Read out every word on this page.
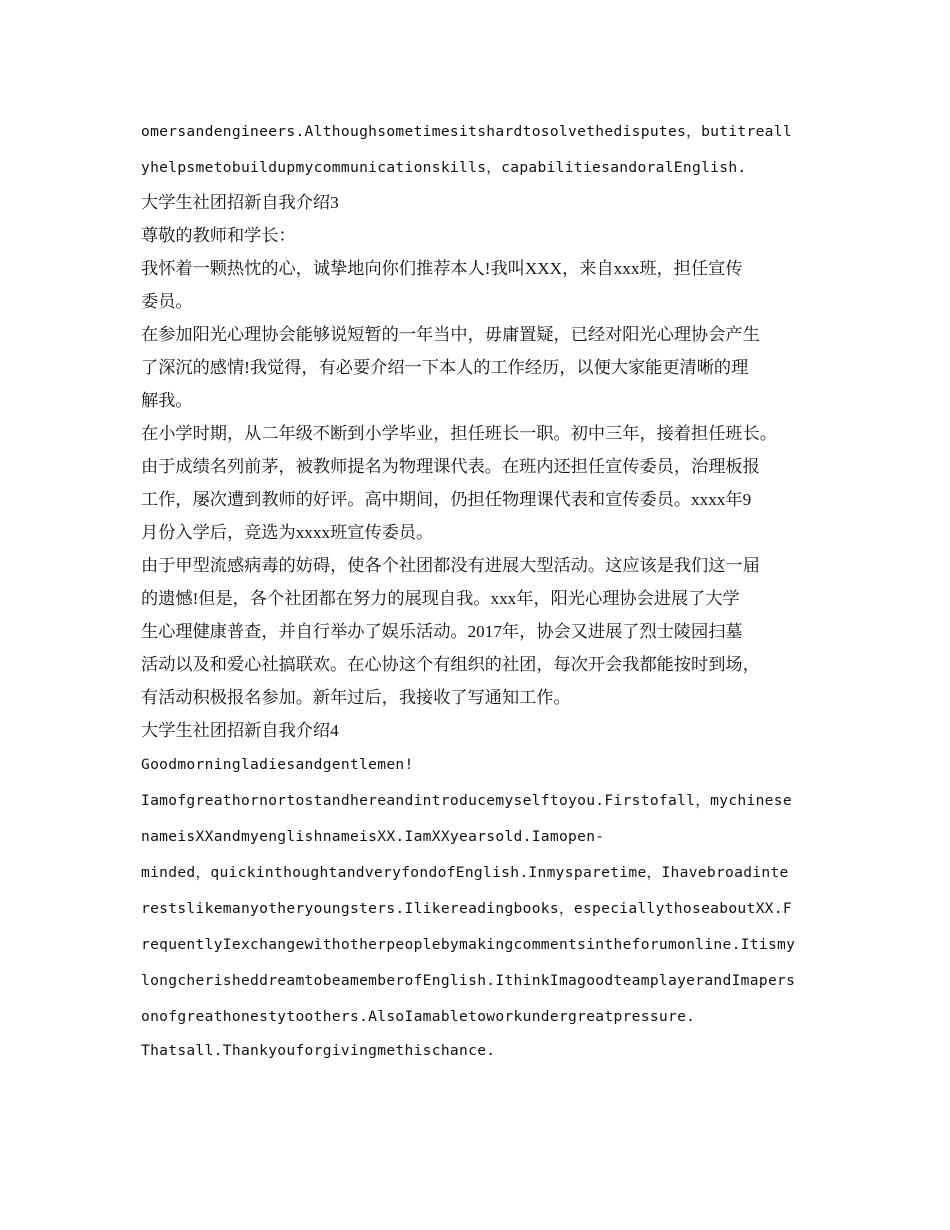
omersandengineers.Althoughsometimesitshardtosolvethedisputes，butitreall
yhelpsmetobuildupmycommunicationskills，capabilitiesandoralEnglish.
大学生社团招新自我介绍3
尊敬的教师和学长：
我怀着一颗热忱的心，诚挚地向你们推荐本人!我叫XXX，来自xxx班，担任宣传
委员。
在参加阳光心理协会能够说短暂的一年当中，毋庸置疑，已经对阳光心理协会产生
了深沉的感情!我觉得，有必要介绍一下本人的工作经历，以便大家能更清晰的理
解我。
在小学时期，从二年级不断到小学毕业，担任班长一职。初中三年，接着担任班长。
由于成绩名列前茅，被教师提名为物理课代表。在班内还担任宣传委员，治理板报
工作，屡次遭到教师的好评。高中期间，仍担任物理课代表和宣传委员。xxxx年9
月份入学后，竞选为xxxx班宣传委员。
由于甲型流感病毒的妨碍，使各个社团都没有进展大型活动。这应该是我们这一届
的遗憾!但是，各个社团都在努力的展现自我。xxx年，阳光心理协会进展了大学
生心理健康普查，并自行举办了娱乐活动。2017年，协会又进展了烈士陵园扫墓
活动以及和爱心社搞联欢。在心协这个有组织的社团，每次开会我都能按时到场，
有活动积极报名参加。新年过后，我接收了写通知工作。
大学生社团招新自我介绍4
Goodmorningladiesandgentlemen!
Iamofgreathornortostandhereandintroducemyselftoyou.Firstofall，mychinese
nameisXXandmyenglishnameisXX.IamXXyearsold.Iamopen-
minded，quickinthoughtandveryfondofEnglish.Inmysparetime，Ihavebroadinte
restslikemanyotheryoungsters.Ilikereadingbooks，especiallythoseaboutXX.F
requentlyIexchangewithotherpeoplebymakingcommentsintheforumonline.Itismy
longcherisheddreamtobeamemberofEnglish.IthinkImagoodteamplayerandImapers
onofgreathonestytoothers.AlsoIamabletoworkundergreatpressure.
Thatsall.Thankyouforgivingmethischance.
